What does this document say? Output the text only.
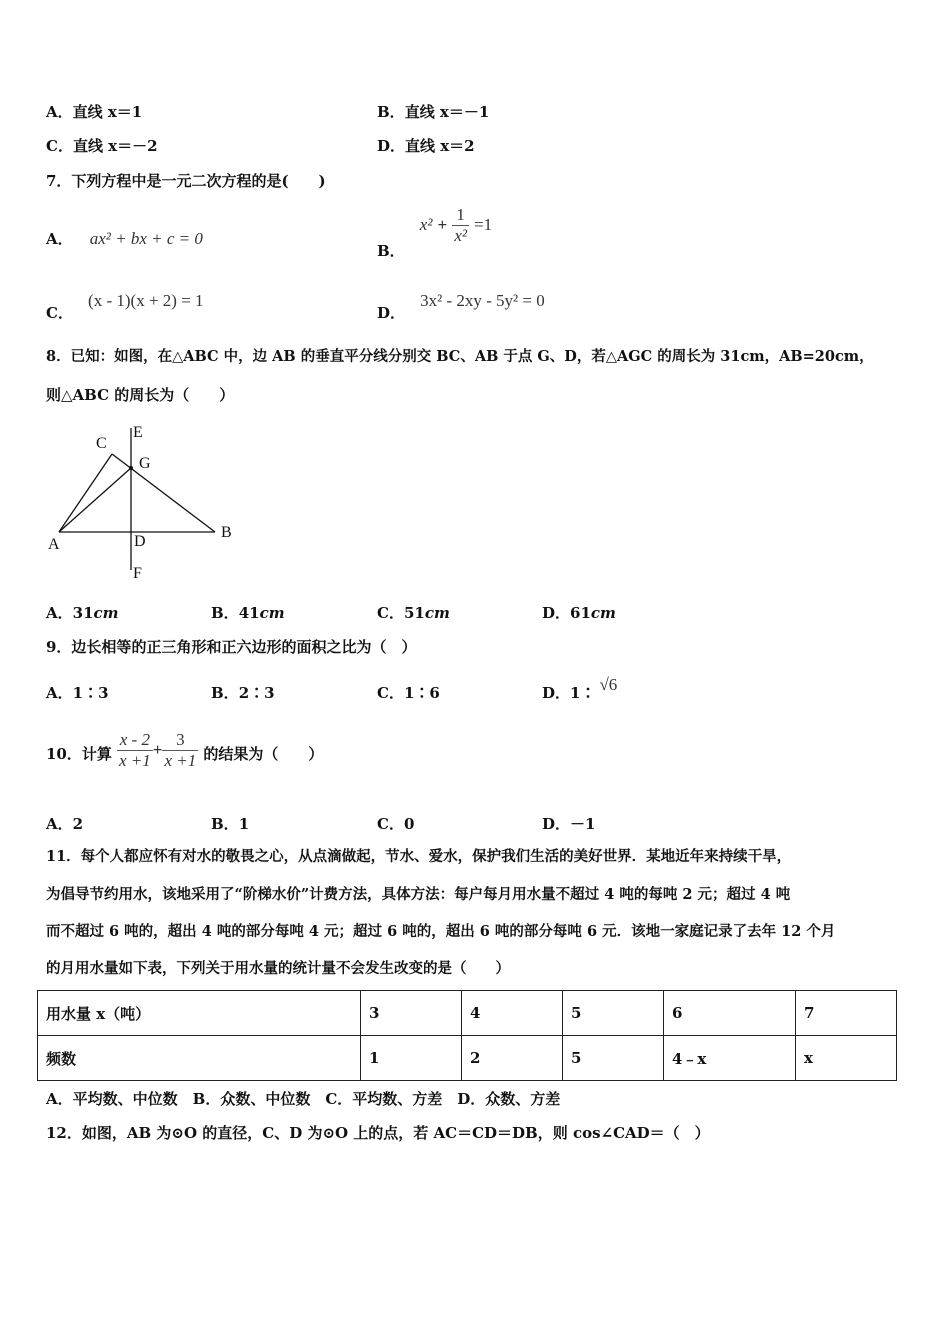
A．直线 x＝1	B．直线 x＝－1
C．直线 x＝－2	D．直线 x＝2
7．下列方程中是一元二次方程的是(　　)
A． ax² + bx + c = 0
B． $x^2 + \frac{1}{\text{x²}} =1$
C． (x - 1)(x + 2) = 1
D． 3x² - 2xy - 5y² = 0
8．已知：如图，在△ABC 中，边 AB 的垂直平分线分别交 BC、AB 于点 G、D，若△AGC 的周长为 31cm，AB=20cm，
则△ABC 的周长为（　　）
C
E
G
A	D
B
F
A．31cm	B．41cm	C．51cm	D．61cm
9．边长相等的正三角形和正六边形的面积之比为（　）
A．1∶3	B．2∶3	C．1∶6	D．1∶ √6
10．计算 $\frac{x - 2}{x +1} + \frac{3}{x +1}$ 的结果为（　　）
A．2	B．1	C．0	D．－1
11．每个人都应怀有对水的敬畏之心，从点滴做起，节水、爱水，保护我们生活的美好世界．某地近年来持续干旱，
为倡导节约用水，该地采用了“阶梯水价”计费方法，具体方法：每户每月用水量不超过 4 吨的每吨 2 元；超过 4 吨
而不超过 6 吨的，超出 4 吨的部分每吨 4 元；超过 6 吨的，超出 6 吨的部分每吨 6 元．该地一家庭记录了去年 12 个月
的月用水量如下表，下列关于用水量的统计量不会发生改变的是（　　）
用水量 x（吨）	3	4	5	6	7
频数	1	2	5	4﹣x	x
A．平均数、中位数　B．众数、中位数　C．平均数、方差　D．众数、方差
12．如图，AB 为⊙O 的直径，C、D 为⊙O 上的点，若 AC＝CD＝DB，则 cos∠CAD＝（　）
